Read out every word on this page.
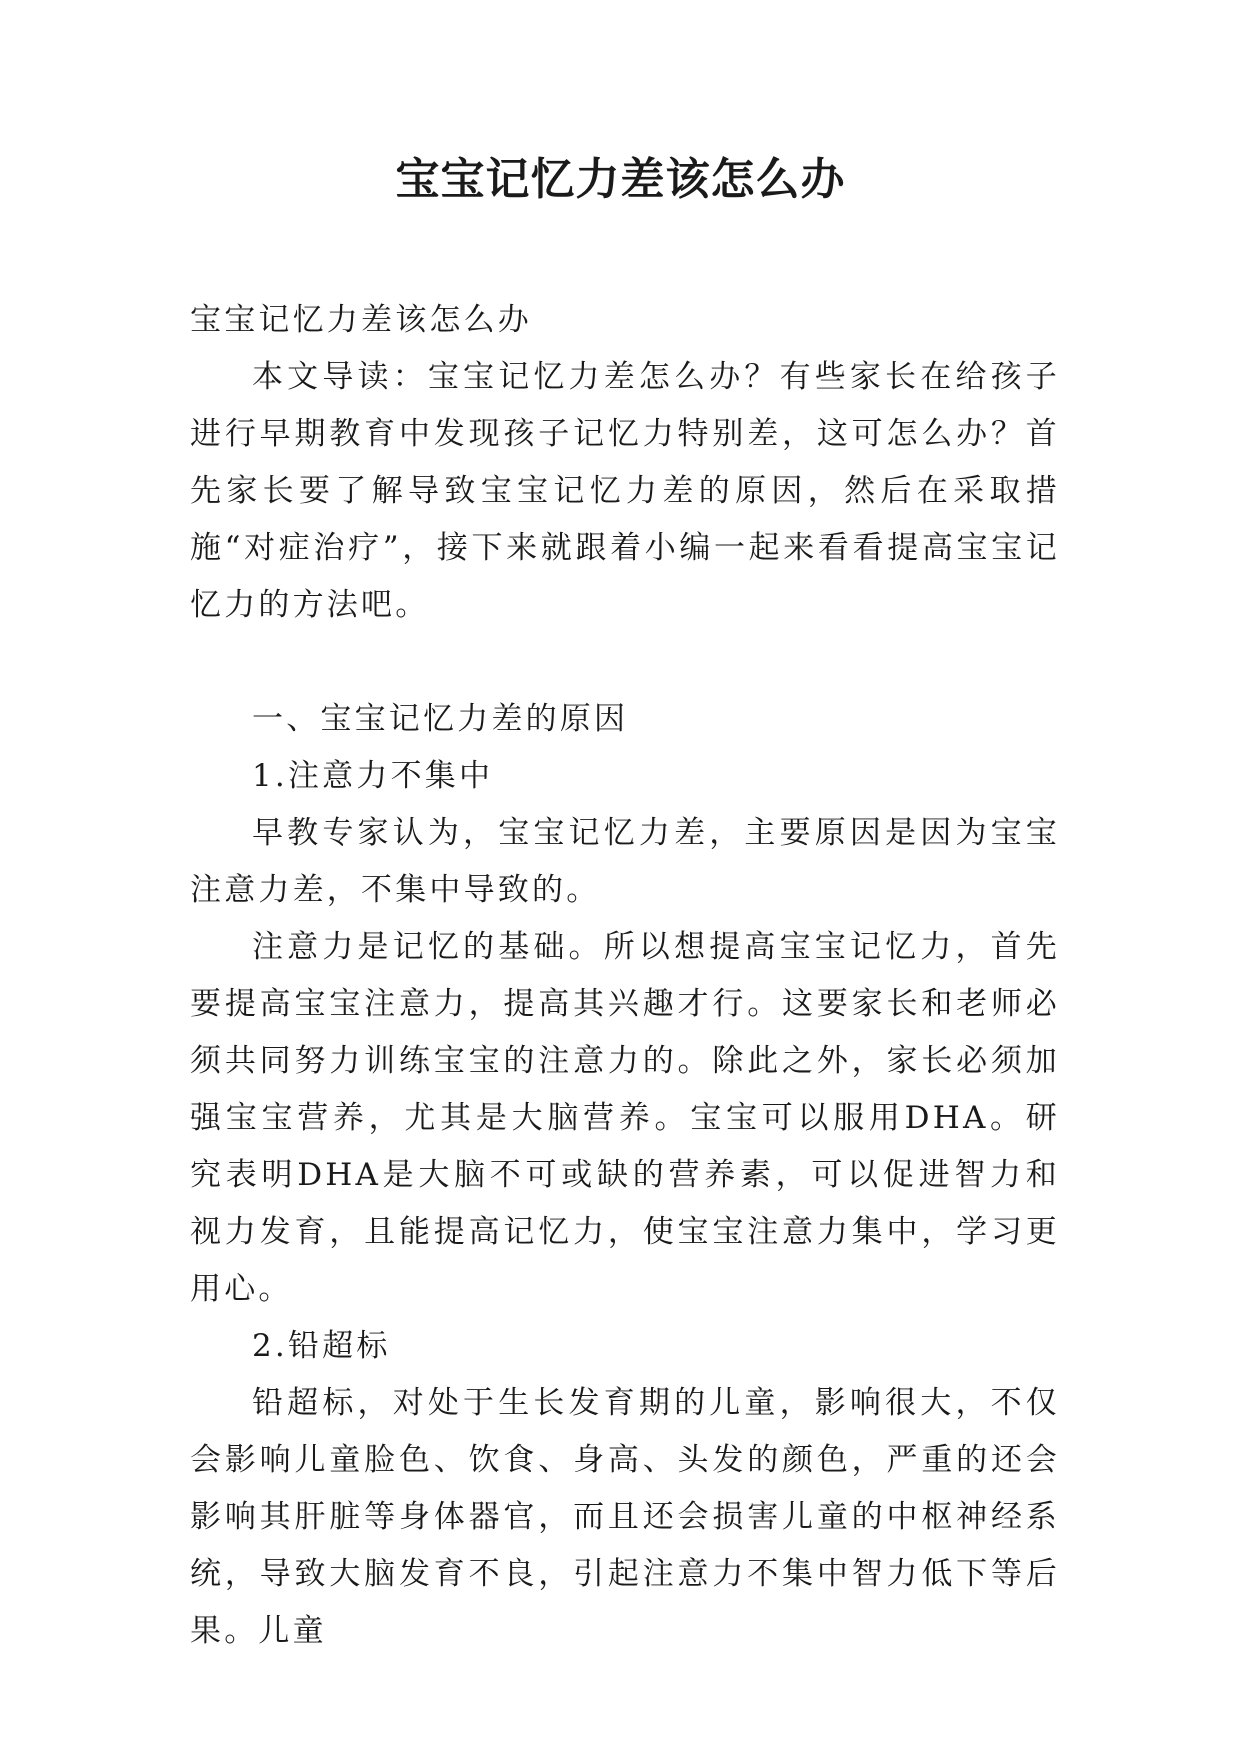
宝宝记忆力差该怎么办

宝宝记忆力差该怎么办

本文导读：宝宝记忆力差怎么办？有些家长在给孩子进行早期教育中发现孩子记忆力特别差，这可怎么办？首先家长要了解导致宝宝记忆力差的原因，然后在采取措施“对症治疗”，接下来就跟着小编一起来看看提高宝宝记忆力的方法吧。

一、宝宝记忆力差的原因

1.注意力不集中

早教专家认为，宝宝记忆力差，主要原因是因为宝宝注意力差，不集中导致的。

注意力是记忆的基础。所以想提高宝宝记忆力，首先要提高宝宝注意力，提高其兴趣才行。这要家长和老师必须共同努力训练宝宝的注意力的。除此之外，家长必须加强宝宝营养，尤其是大脑营养。宝宝可以服用DHA。研究表明DHA是大脑不可或缺的营养素，可以促进智力和视力发育，且能提高记忆力，使宝宝注意力集中，学习更用心。

2.铅超标

铅超标，对处于生长发育期的儿童，影响很大，不仅会影响儿童脸色、饮食、身高、头发的颜色，严重的还会影响其肝脏等身体器官，而且还会损害儿童的中枢神经系统，导致大脑发育不良，引起注意力不集中智力低下等后果。儿童
